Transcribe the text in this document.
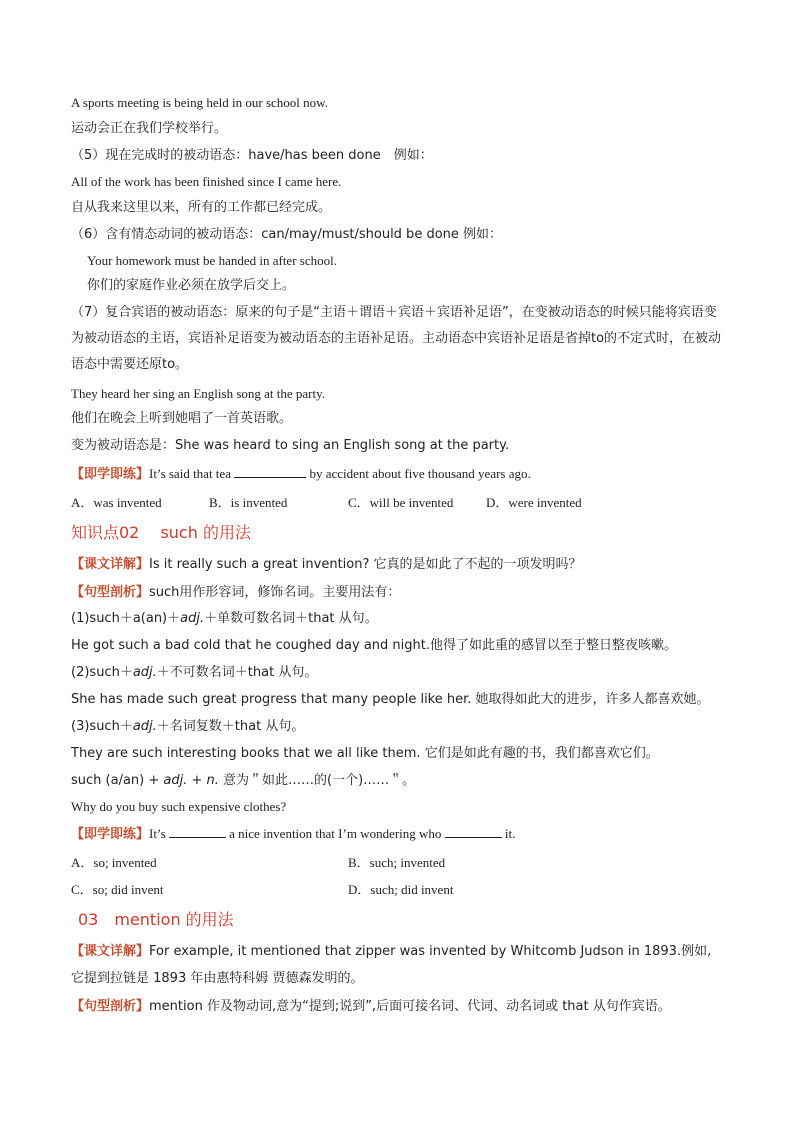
A sports meeting is being held in our school now.
运动会正在我们学校举行。
（5）现在完成时的被动语态：have/has been done　例如：
All of the work has been finished since I came here.
自从我来这里以来，所有的工作都已经完成。
（6）含有情态动词的被动语态：can/may/must/should be done 例如：
Your homework must be handed in after school.
你们的家庭作业必须在放学后交上。
（7）复合宾语的被动语态：原来的句子是“主语＋谓语＋宾语＋宾语补足语”，在变被动语态的时候只能将宾语变为被动语态的主语，宾语补足语变为被动语态的主语补足语。主动语态中宾语补足语是省掉to的不定式时，在被动语态中需要还原to。
They heard her sing an English song at the party.
他们在晚会上听到她唱了一首英语歌。
变为被动语态是：She was heard to sing an English song at the party.
【即学即练】It’s said that tea	by accident about five thousand years ago.
A．was invented	B．is invented	C．will be invented	D．were invented
知识点02　 such 的用法
【课文详解】Is it really such a great invention? 它真的是如此了不起的一项发明吗？
【句型剖析】such用作形容词，修饰名词。主要用法有：
(1)such＋a(an)＋adj.＋单数可数名词＋that 从句。
He got such a bad cold that he coughed day and night.他得了如此重的感冒以至于整日整夜咳嗽。
(2)such＋adj.＋不可数名词＋that 从句。
She has made such great progress that many people like her. 她取得如此大的进步，许多人都喜欢她。
(3)such＋adj.＋名词复数＋that 从句。
They are such interesting books that we all like them. 它们是如此有趣的书，我们都喜欢它们。
such (a/an) + adj. + n. 意为＂如此……的(一个)……＂。
Why do you buy such expensive clothes?
【即学即练】It’s	a nice invention that I’m wondering who	it.
A．so; invented	B．such; invented
C．so; did invent	D．such; did invent
03　mention 的用法
【课文详解】For example, it mentioned that zipper was invented by Whitcomb Judson in 1893.例如,它提到拉链是 1893 年由惠特科姆 贾德森发明的。
【句型剖析】mention 作及物动词,意为“提到;说到”,后面可接名词、代词、动名词或 that 从句作宾语。
